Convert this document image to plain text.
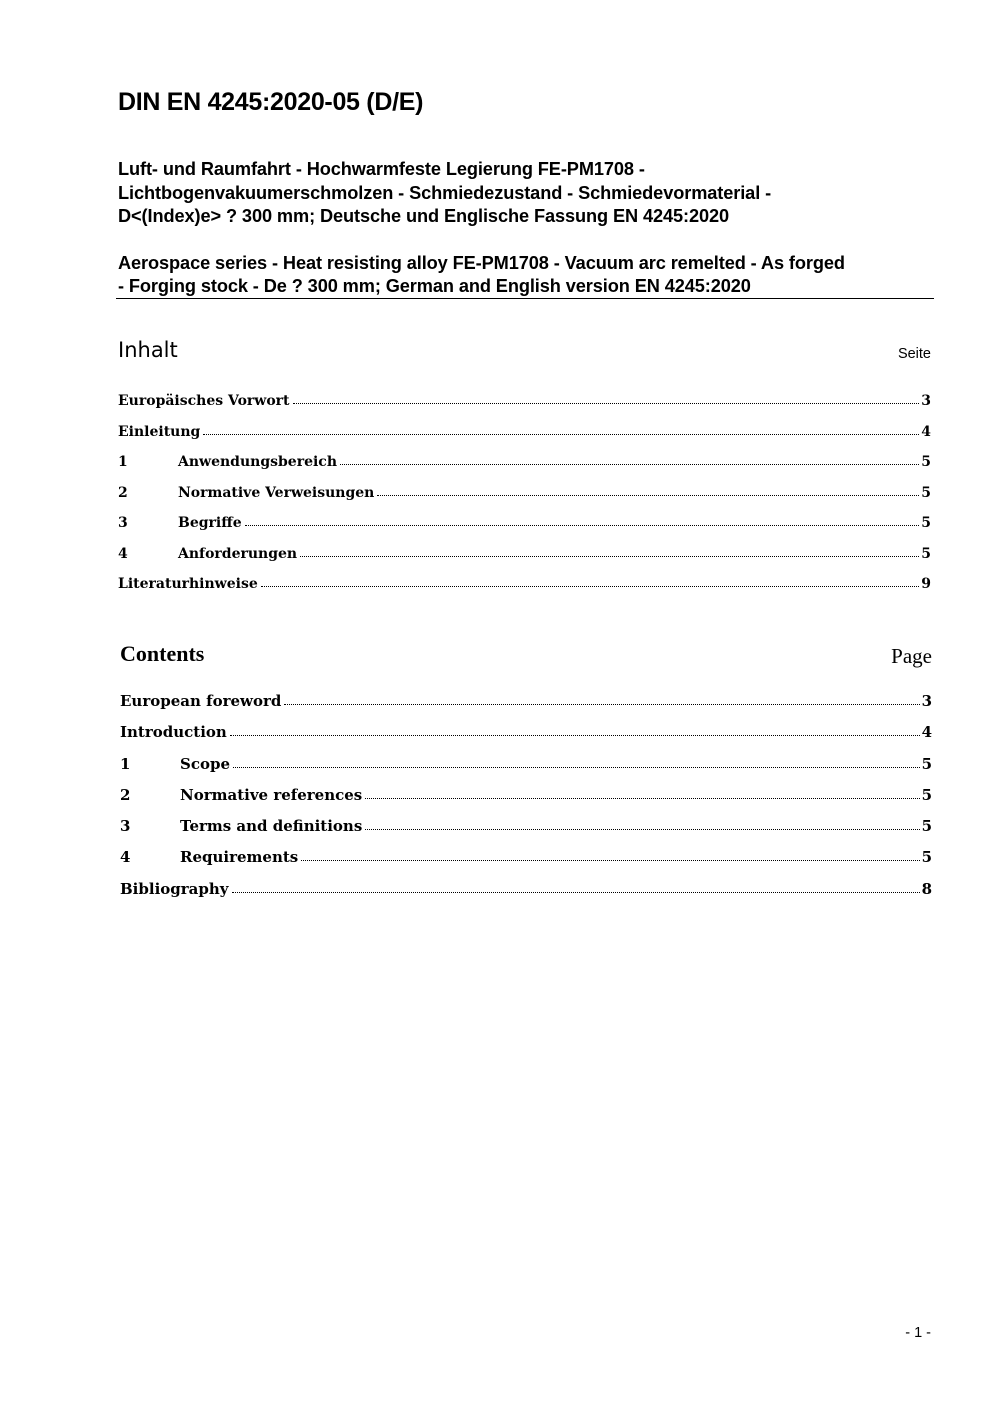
DIN EN 4245:2020-05 (D/E)

Luft- und Raumfahrt - Hochwarmfeste Legierung FE-PM1708 -
Lichtbogenvakuumerschmolzen - Schmiedezustand - Schmiedevormaterial -
D<(Index)e> ? 300 mm; Deutsche und Englische Fassung EN 4245:2020

Aerospace series - Heat resisting alloy FE-PM1708 - Vacuum arc remelted - As forged
- Forging stock - De ? 300 mm; German and English version EN 4245:2020

Inhalt	Seite
Europäisches Vorwort	3
Einleitung	4
1	Anwendungsbereich	5
2	Normative Verweisungen	5
3	Begriffe	5
4	Anforderungen	5
Literaturhinweise	9
Contents	Page
European foreword	3
Introduction	4
1	Scope	5
2	Normative references	5
3	Terms and definitions	5
4	Requirements	5
Bibliography	8
- 1 -
